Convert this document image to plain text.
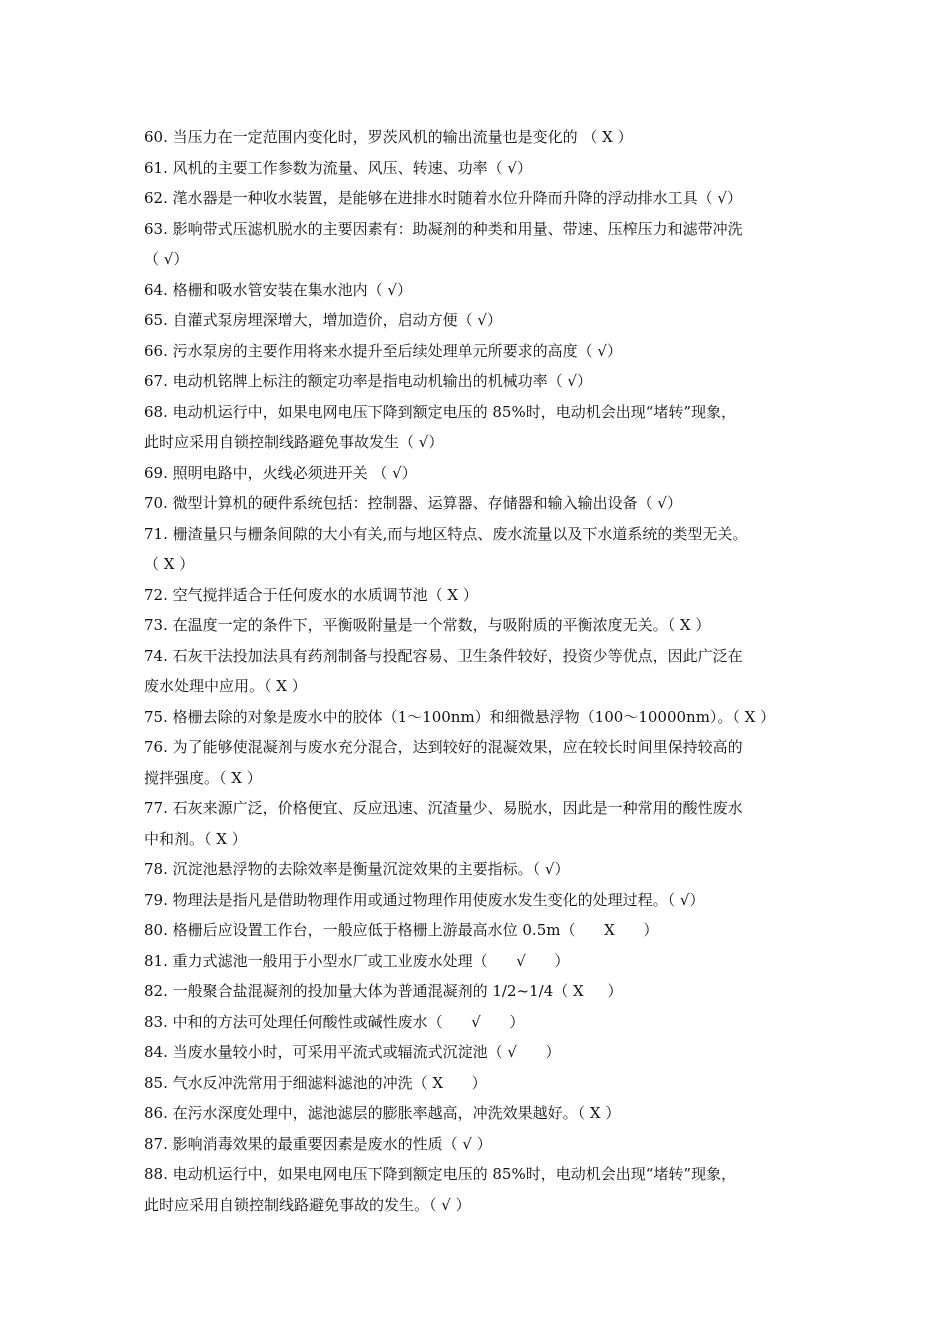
60. 当压力在一定范围内变化时，罗茨风机的输出流量也是变化的 （ X ）
61. 风机的主要工作参数为流量、风压、转速、功率（ √）
62. 滗水器是一种收水装置，是能够在进排水时随着水位升降而升降的浮动排水工具（ √）
63. 影响带式压滤机脱水的主要因素有：助凝剂的种类和用量、带速、压榨压力和滤带冲洗
（ √）
64. 格栅和吸水管安装在集水池内（ √）
65. 自灌式泵房埋深增大，增加造价，启动方便（ √）
66. 污水泵房的主要作用将来水提升至后续处理单元所要求的高度（ √）
67. 电动机铭牌上标注的额定功率是指电动机输出的机械功率（ √）
68. 电动机运行中，如果电网电压下降到额定电压的 85%时，电动机会出现“堵转”现象，
此时应采用自锁控制线路避免事故发生（ √）
69. 照明电路中，火线必须进开关 （ √）
70. 微型计算机的硬件系统包括：控制器、运算器、存储器和输入输出设备（ √）
71. 栅渣量只与栅条间隙的大小有关,而与地区特点、废水流量以及下水道系统的类型无关。
（ X ）
72. 空气搅拌适合于任何废水的水质调节池（ X ）
73. 在温度一定的条件下，平衡吸附量是一个常数，与吸附质的平衡浓度无关。（ X ）
74. 石灰干法投加法具有药剂制备与投配容易、卫生条件较好，投资少等优点，因此广泛在
废水处理中应用。（ X ）
75. 格栅去除的对象是废水中的胶体（1～100nm）和细微悬浮物（100～10000nm）。（ X ）
76. 为了能够使混凝剂与废水充分混合，达到较好的混凝效果，应在较长时间里保持较高的
搅拌强度。（ X ）
77. 石灰来源广泛，价格便宜、反应迅速、沉渣量少、易脱水，因此是一种常用的酸性废水
中和剂。（ X ）
78. 沉淀池悬浮物的去除效率是衡量沉淀效果的主要指标。（ √）
79. 物理法是指凡是借助物理作用或通过物理作用使废水发生变化的处理过程。（ √）
80. 格栅后应设置工作台，一般应低于格栅上游最高水位 0.5m（      X      ）
81. 重力式滤池一般用于小型水厂或工业废水处理（      √      ）
82. 一般聚合盐混凝剂的投加量大体为普通混凝剂的 1/2~1/4（ X     ）
83. 中和的方法可处理任何酸性或碱性废水（      √      ）
84. 当废水量较小时，可采用平流式或辐流式沉淀池（ √      ）
85. 气水反冲洗常用于细滤料滤池的冲洗（ X      ）
86. 在污水深度处理中，滤池滤层的膨胀率越高，冲洗效果越好。（ X ）
87. 影响消毒效果的最重要因素是废水的性质（ √ ）
88. 电动机运行中，如果电网电压下降到额定电压的 85%时，电动机会出现“堵转”现象，
此时应采用自锁控制线路避免事故的发生。（ √ ）
